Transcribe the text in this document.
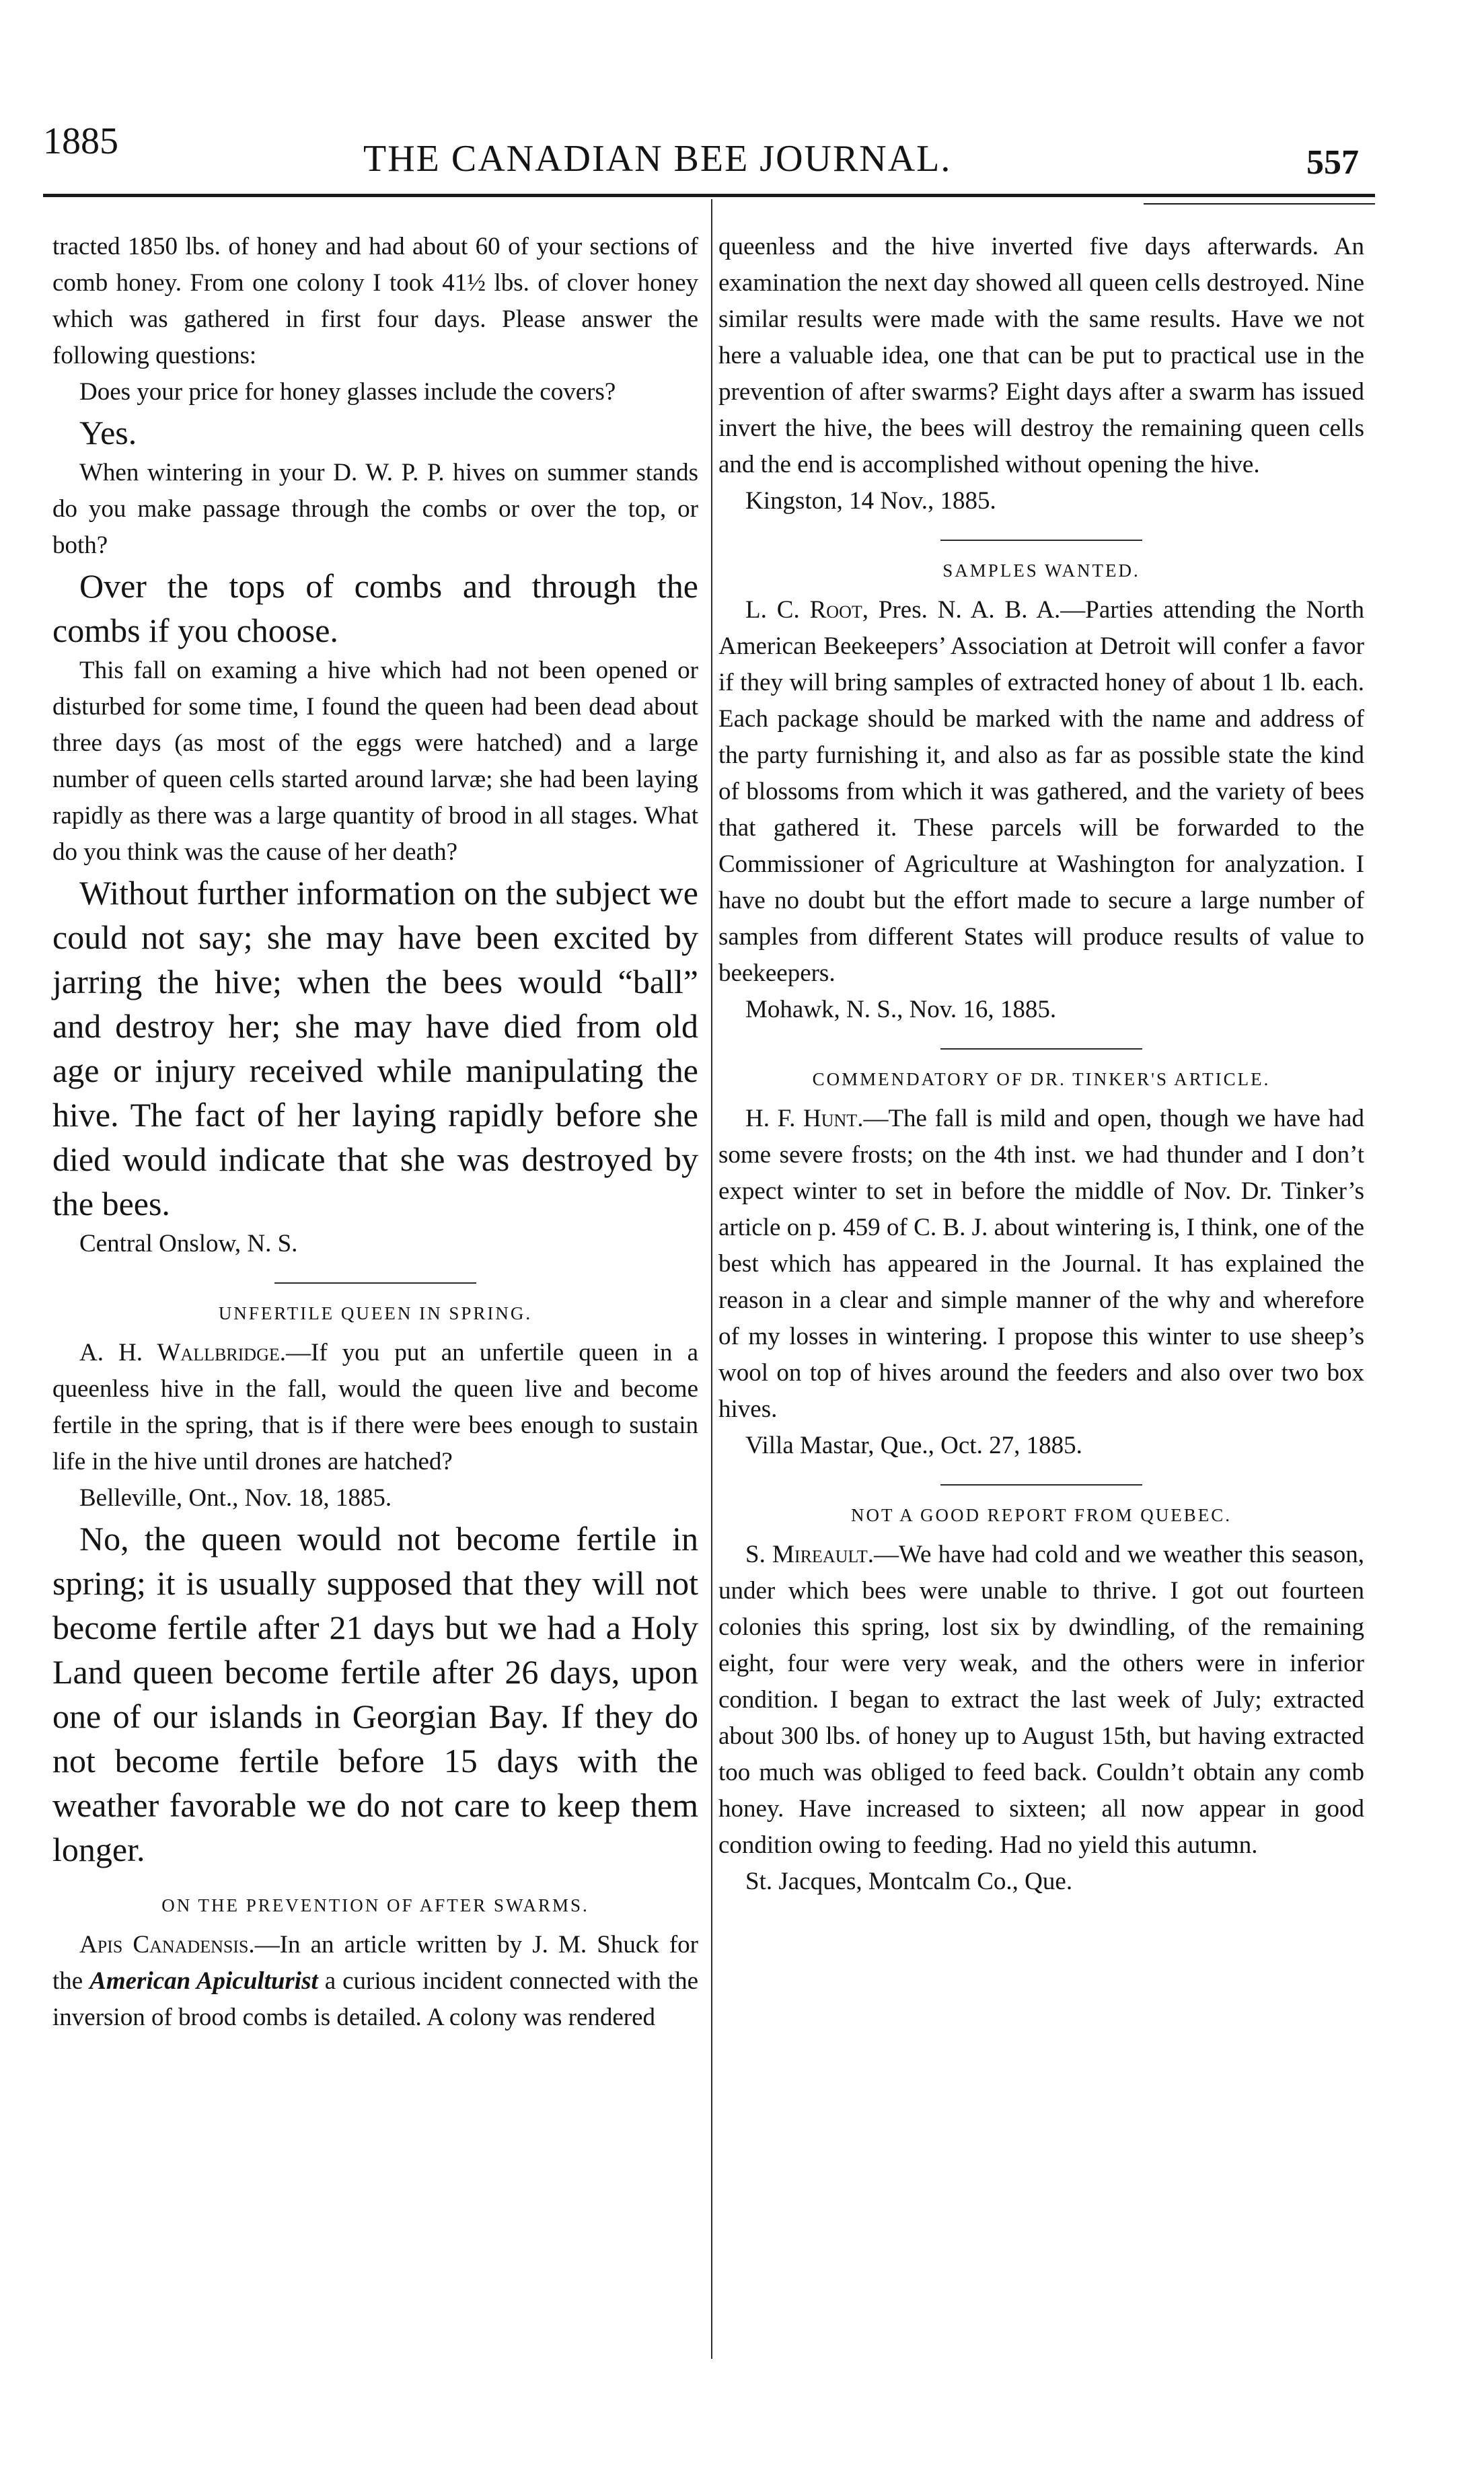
1885	THE CANADIAN BEE JOURNAL.	557

tracted 1850 lbs. of honey and had about 60 of your sections of comb honey. From one colony I took 41½ lbs. of clover honey which was gathered in first four days. Please answer the following questions:

Does your price for honey glasses include the covers?

Yes.

When wintering in your D. W. P. P. hives on summer stands do you make passage through the combs or over the top, or both?

Over the tops of combs and through the combs if you choose.

This fall on examing a hive which had not been opened or disturbed for some time, I found the queen had been dead about three days (as most of the eggs were hatched) and a large number of queen cells started around larvæ; she had been laying rapidly as there was a large quantity of brood in all stages. What do you think was the cause of her death?

Without further information on the subject we could not say; she may have been excited by jarring the hive; when the bees would “ball” and destroy her; she may have died from old age or injury received while manipulating the hive. The fact of her laying rapidly before she died would indicate that she was destroyed by the bees.

Central Onslow, N. S.

UNFERTILE QUEEN IN SPRING.

A. H. Wallbridge.—If you put an unfertile queen in a queenless hive in the fall, would the queen live and become fertile in the spring, that is if there were bees enough to sustain life in the hive until drones are hatched?

Belleville, Ont., Nov. 18, 1885.

No, the queen would not become fertile in spring; it is usually supposed that they will not become fertile after 21 days but we had a Holy Land queen become fertile after 26 days, upon one of our islands in Georgian Bay. If they do not become fertile before 15 days with the weather favorable we do not care to keep them longer.

ON THE PREVENTION OF AFTER SWARMS.

Apis Canadensis.—In an article written by J. M. Shuck for the American Apiculturist a curious incident connected with the inversion of brood combs is detailed. A colony was rendered

queenless and the hive inverted five days afterwards. An examination the next day showed all queen cells destroyed. Nine similar results were made with the same results. Have we not here a valuable idea, one that can be put to practical use in the prevention of after swarms? Eight days after a swarm has issued invert the hive, the bees will destroy the remaining queen cells and the end is accomplished without opening the hive.

Kingston, 14 Nov., 1885.

SAMPLES WANTED.

L. C. Root, Pres. N. A. B. A.—Parties attending the North American Beekeepers’ Association at Detroit will confer a favor if they will bring samples of extracted honey of about 1 lb. each. Each package should be marked with the name and address of the party furnishing it, and also as far as possible state the kind of blossoms from which it was gathered, and the variety of bees that gathered it. These parcels will be forwarded to the Commissioner of Agriculture at Washington for analyzation. I have no doubt but the effort made to secure a large number of samples from different States will produce results of value to beekeepers.

Mohawk, N. S., Nov. 16, 1885.

COMMENDATORY OF DR. TINKER'S ARTICLE.

H. F. Hunt.—The fall is mild and open, though we have had some severe frosts; on the 4th inst. we had thunder and I don’t expect winter to set in before the middle of Nov. Dr. Tinker’s article on p. 459 of C. B. J. about wintering is, I think, one of the best which has appeared in the Journal. It has explained the reason in a clear and simple manner of the why and wherefore of my losses in wintering. I propose this winter to use sheep’s wool on top of hives around the feeders and also over two box hives.

Villa Mastar, Que., Oct. 27, 1885.

NOT A GOOD REPORT FROM QUEBEC.

S. Mireault.—We have had cold and we weather this season, under which bees were unable to thrive. I got out fourteen colonies this spring, lost six by dwindling, of the remaining eight, four were very weak, and the others were in inferior condition. I began to extract the last week of July; extracted about 300 lbs. of honey up to August 15th, but having extracted too much was obliged to feed back. Couldn’t obtain any comb honey. Have increased to sixteen; all now appear in good condition owing to feeding. Had no yield this autumn.

St. Jacques, Montcalm Co., Que.
